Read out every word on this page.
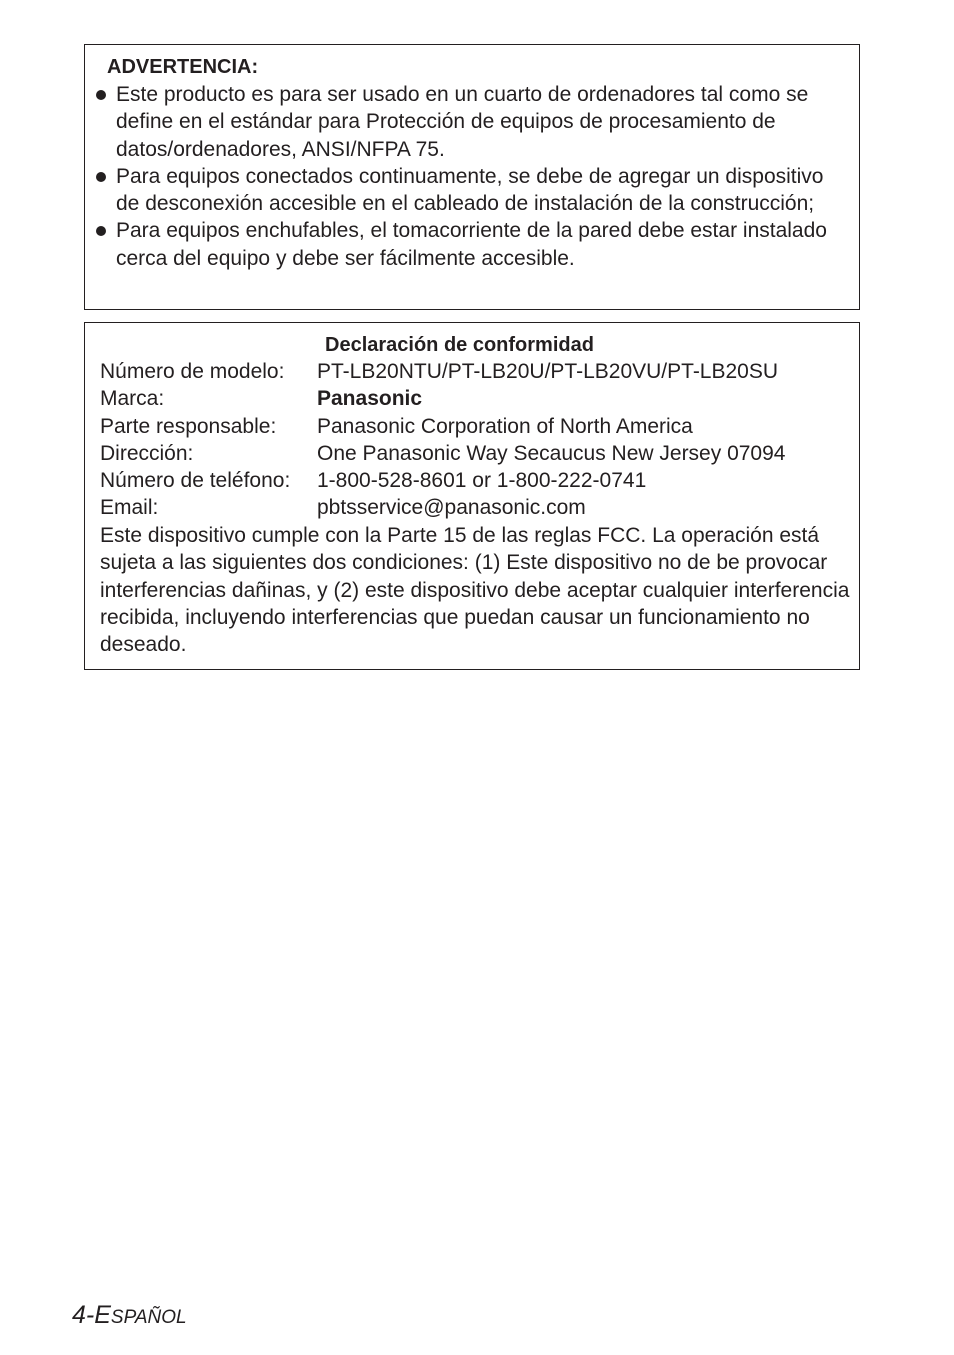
ADVERTENCIA:
Este producto es para ser usado en un cuarto de ordenadores tal como se define en el estándar para Protección de equipos de procesamiento de datos/ordenadores, ANSI/NFPA 75.
Para equipos conectados continuamente, se debe de agregar un dispositivo de desconexión accesible en el cableado de instalación de la construcción;
Para equipos enchufables, el tomacorriente de la pared debe estar instalado cerca del equipo y debe ser fácilmente accesible.
Declaración de conformidad
Número de modelo:	PT-LB20NTU/PT-LB20U/PT-LB20VU/PT-LB20SU
Marca:	Panasonic
Parte responsable:	Panasonic Corporation of North America
Dirección:	One Panasonic Way Secaucus New Jersey 07094
Número de teléfono:	1-800-528-8601 or 1-800-222-0741
Email:	pbtsservice@panasonic.com

Este dispositivo cumple con la Parte 15 de las reglas FCC. La operación está sujeta a las siguientes dos condiciones: (1) Este dispositivo no de be provocar interferencias dañinas, y (2) este dispositivo debe aceptar cualquier interferencia recibida, incluyendo interferencias que puedan causar un funcionamiento no deseado.

4-ESPAÑOL
